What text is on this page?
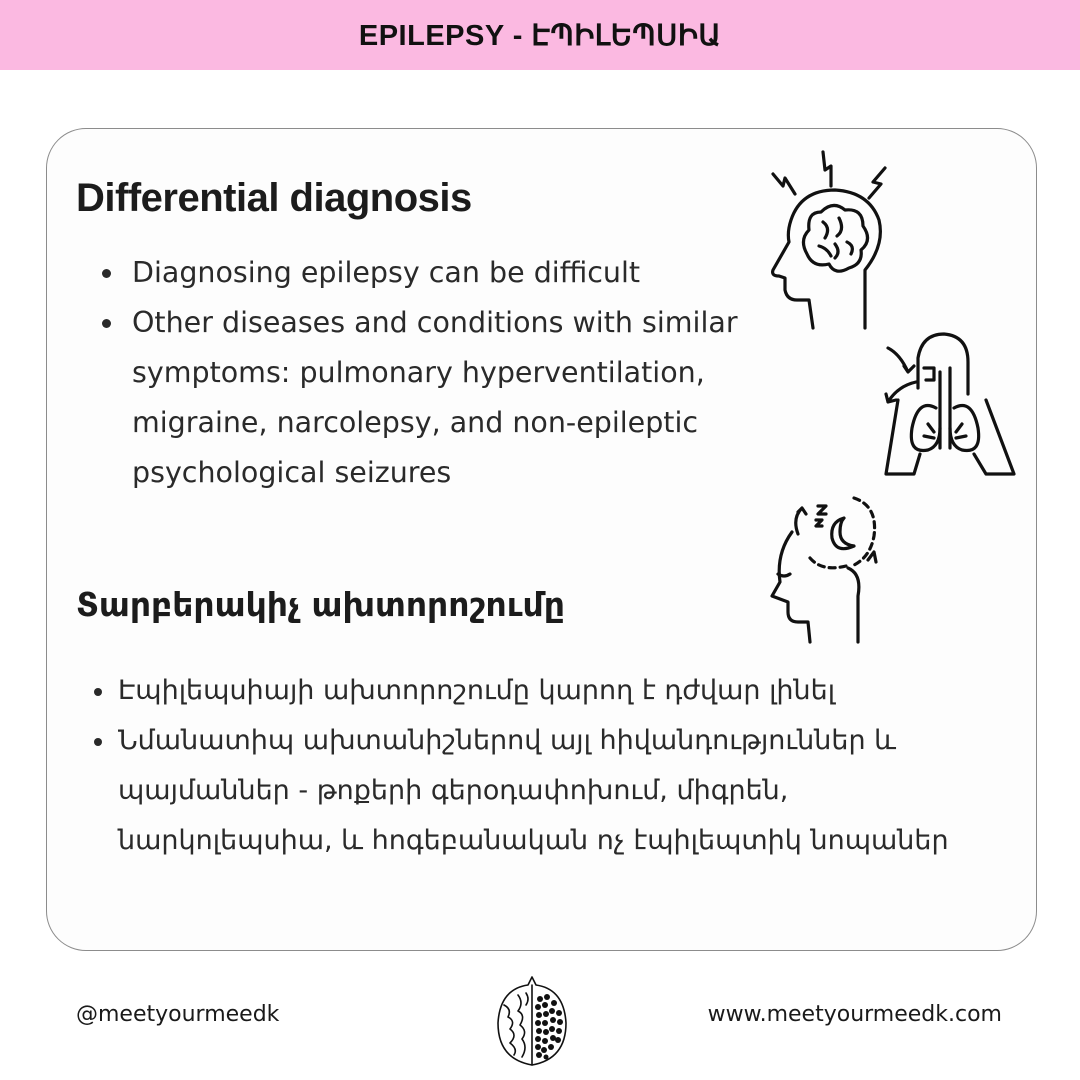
EPILEPSY - ԷՊԻԼԵՊՍԻԱ
Differential diagnosis
Diagnosing epilepsy can be difficult
Other diseases and conditions with similar symptoms: pulmonary hyperventilation, migraine, narcolepsy, and non-epileptic psychological seizures
Տարբերակիչ ախտորոշումը
Էպիլեպսիայի ախտորոշումը կարող է դժվար լինել
Նմանատիպ ախտանիշներով այլ հիվանդություններ և պայմաններ - թոքերի գերօդափոխում, միգրեն, նարկոլեպսիա, և հոգեբանական ոչ էպիլեպտիկ նոպաներ
@meetyourmeedk	www.meetyourmeedk.com
